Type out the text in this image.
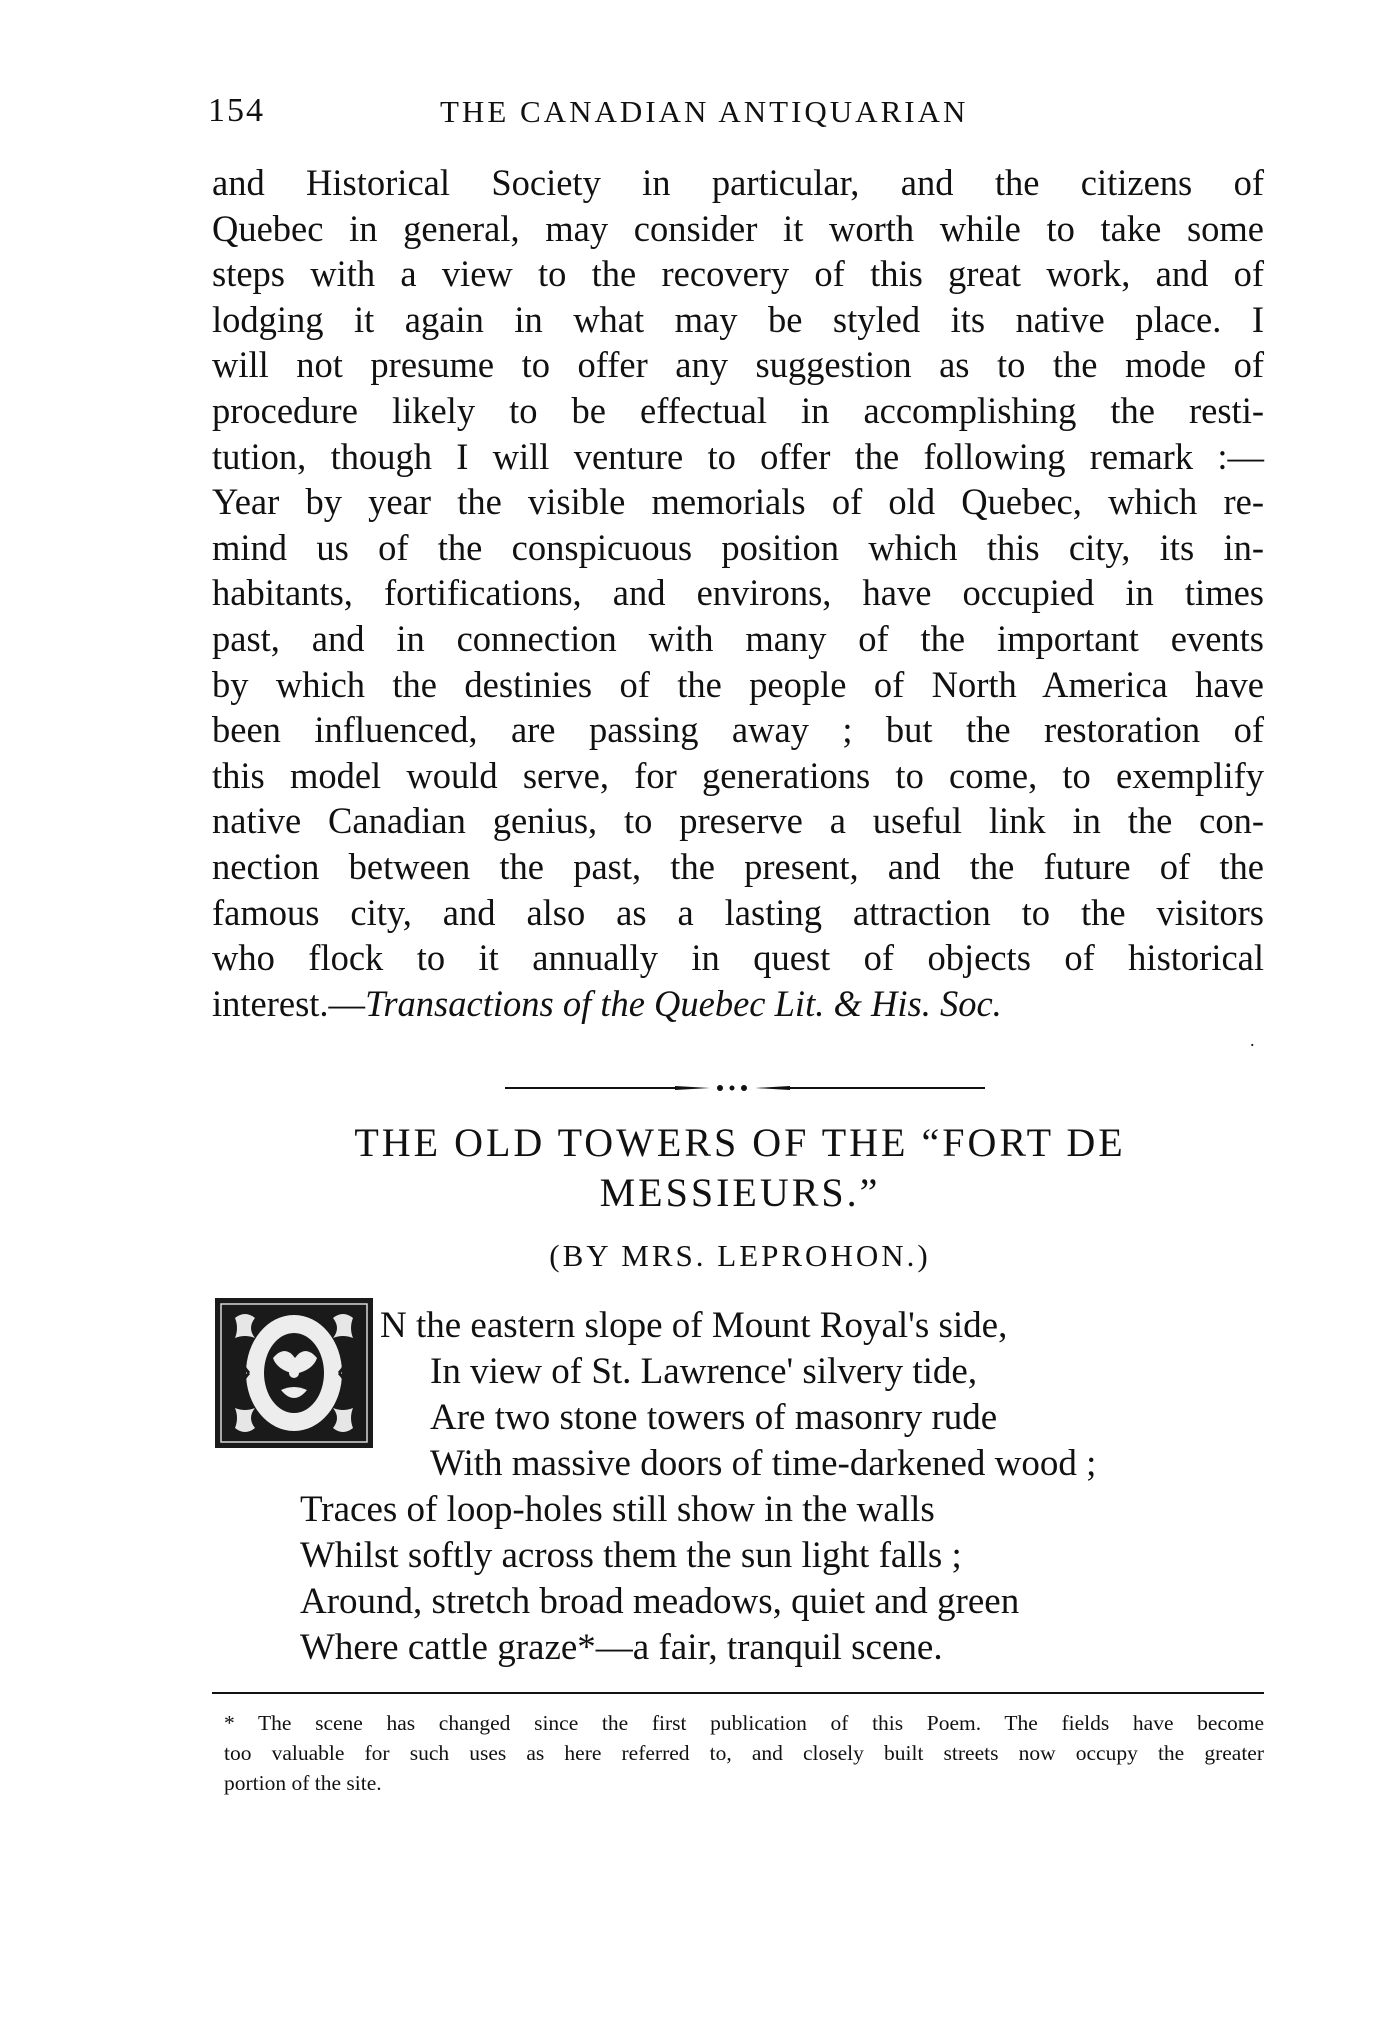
154	THE CANADIAN ANTIQUARIAN
and Historical Society in particular, and the citizens of
Quebec in general, may consider it worth while to take some
steps with a view to the recovery of this great work, and of
lodging it again in what may be styled its native place. I
will not presume to offer any suggestion as to the mode of
procedure likely to be effectual in accomplishing the resti-
tution, though I will venture to offer the following remark :—
Year by year the visible memorials of old Quebec, which re-
mind us of the conspicuous position which this city, its in-
habitants, fortifications, and environs, have occupied in times
past, and in connection with many of the important events
by which the destinies of the people of North America have
been influenced, are passing away ; but the restoration of
this model would serve, for generations to come, to exemplify
native Canadian genius, to preserve a useful link in the con-
nection between the past, the present, and the future of the
famous city, and also as a lasting attraction to the visitors
who flock to it annually in quest of objects of historical
interest.—Transactions of the Quebec Lit. & His. Soc.
.
THE OLD TOWERS OF THE “FORT DE
MESSIEURS.”
(BY MRS. LEPROHON.)
N the eastern slope of Mount Royal's side,
In view of St. Lawrence' silvery tide,
Are two stone towers of masonry rude
With massive doors of time-darkened wood ;
Traces of loop-holes still show in the walls
Whilst softly across them the sun light falls ;
Around, stretch broad meadows, quiet and green
Where cattle graze*—a fair, tranquil scene.
* The scene has changed since the first publication of this Poem. The fields have become
too valuable for such uses as here referred to, and closely built streets now occupy the greater
portion of the site.
